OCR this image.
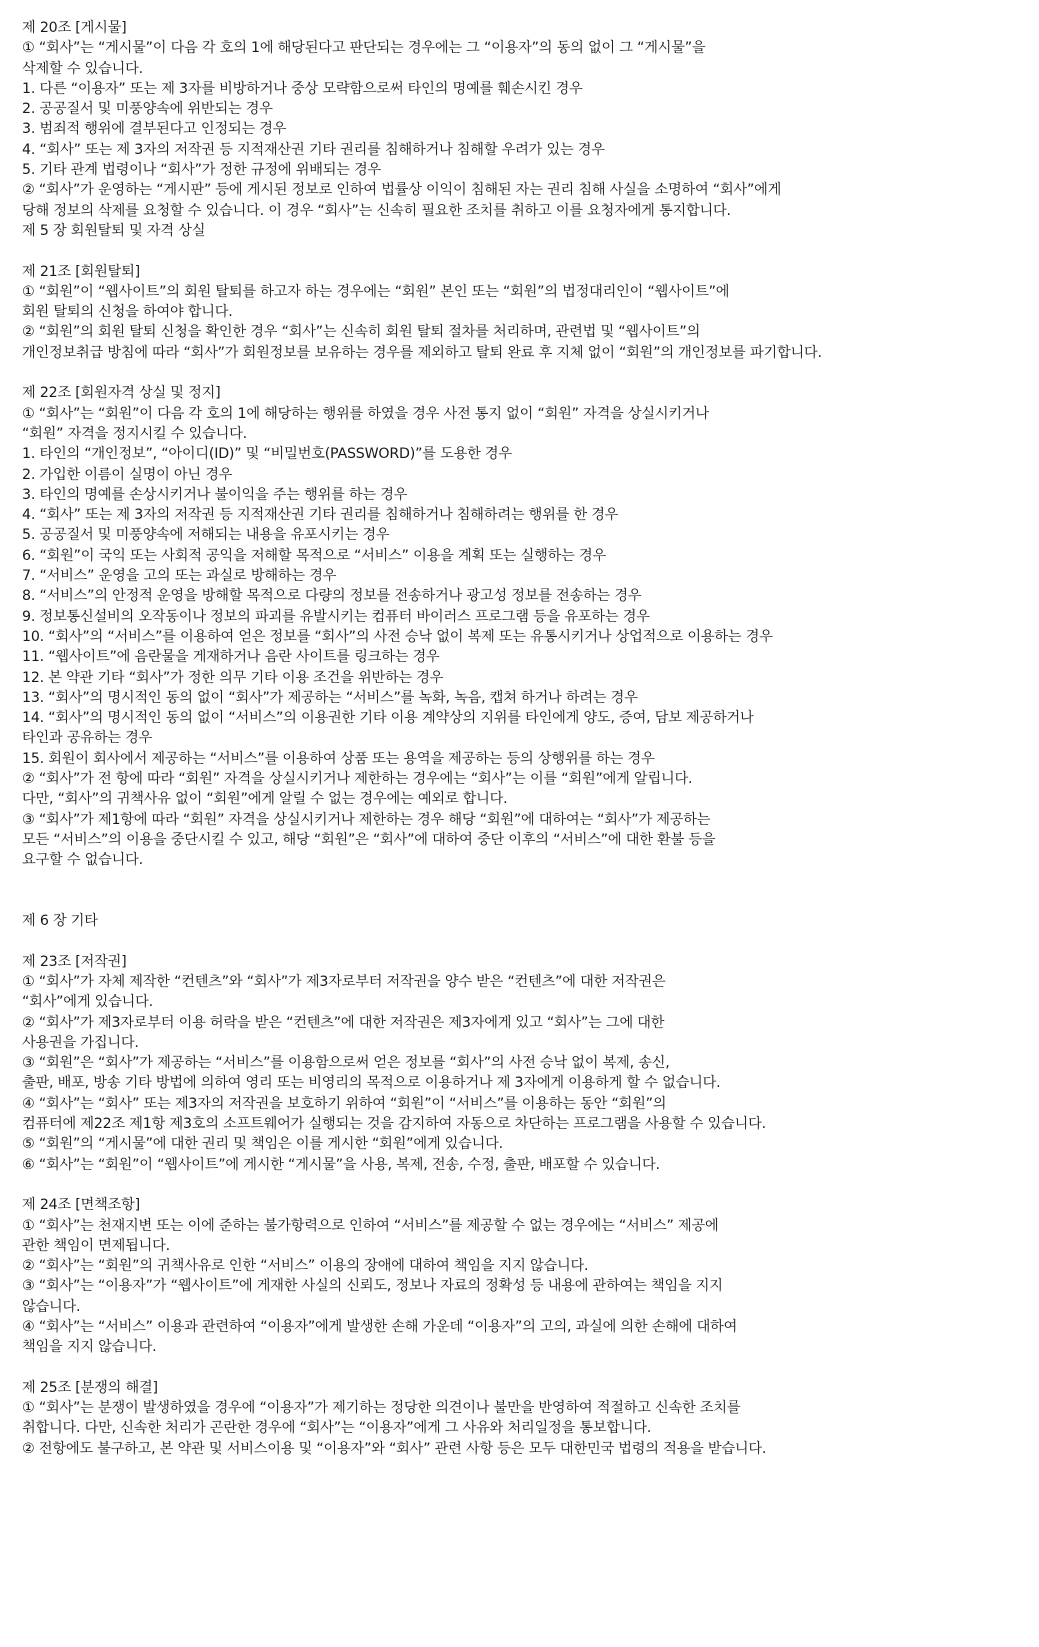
제 20조 [게시물]
① “회사”는 “게시물”이 다음 각 호의 1에 해당된다고 판단되는 경우에는 그 “이용자”의 동의 없이 그 “게시물”을
삭제할 수 있습니다.
1. 다른 “이용자” 또는 제 3자를 비방하거나 중상 모략함으로써 타인의 명예를 훼손시킨 경우
2. 공공질서 및 미풍양속에 위반되는 경우
3. 범죄적 행위에 결부된다고 인정되는 경우
4. “회사” 또는 제 3자의 저작권 등 지적재산권 기타 권리를 침해하거나 침해할 우려가 있는 경우
5. 기타 관계 법령이나 “회사”가 정한 규정에 위배되는 경우
② “회사”가 운영하는 “게시판” 등에 게시된 정보로 인하여 법률상 이익이 침해된 자는 권리 침해 사실을 소명하여 “회사”에게
당해 정보의 삭제를 요청할 수 있습니다. 이 경우 “회사”는 신속히 필요한 조치를 취하고 이를 요청자에게 통지합니다.
제 5 장 회원탈퇴 및 자격 상실
제 21조 [회원탈퇴]
① “회원”이 “웹사이트”의 회원 탈퇴를 하고자 하는 경우에는 “회원” 본인 또는 “회원”의 법정대리인이 “웹사이트”에
회원 탈퇴의 신청을 하여야 합니다.
② “회원”의 회원 탈퇴 신청을 확인한 경우 “회사”는 신속히 회원 탈퇴 절차를 처리하며, 관련법 및 “웹사이트”의
개인정보취급 방침에 따라 “회사”가 회원정보를 보유하는 경우를 제외하고 탈퇴 완료 후 지체 없이 “회원”의 개인정보를 파기합니다.
제 22조 [회원자격 상실 및 정지]
① “회사”는 “회원”이 다음 각 호의 1에 해당하는 행위를 하였을 경우 사전 통지 없이 “회원” 자격을 상실시키거나
“회원” 자격을 정지시킬 수 있습니다.
1. 타인의 “개인정보”, “아이디(ID)” 및 “비밀번호(PASSWORD)”를 도용한 경우
2. 가입한 이름이 실명이 아닌 경우
3. 타인의 명예를 손상시키거나 불이익을 주는 행위를 하는 경우
4. “회사” 또는 제 3자의 저작권 등 지적재산권 기타 권리를 침해하거나 침해하려는 행위를 한 경우
5. 공공질서 및 미풍양속에 저해되는 내용을 유포시키는 경우
6. “회원”이 국익 또는 사회적 공익을 저해할 목적으로 “서비스” 이용을 계획 또는 실행하는 경우
7. “서비스” 운영을 고의 또는 과실로 방해하는 경우
8. “서비스”의 안정적 운영을 방해할 목적으로 다량의 정보를 전송하거나 광고성 정보를 전송하는 경우
9. 정보통신설비의 오작동이나 정보의 파괴를 유발시키는 컴퓨터 바이러스 프로그램 등을 유포하는 경우
10. “회사”의 “서비스”를 이용하여 얻은 정보를 “회사”의 사전 승낙 없이 복제 또는 유통시키거나 상업적으로 이용하는 경우
11. “웹사이트”에 음란물을 게재하거나 음란 사이트를 링크하는 경우
12. 본 약관 기타 “회사”가 정한 의무 기타 이용 조건을 위반하는 경우
13. “회사”의 명시적인 동의 없이 “회사”가 제공하는 “서비스”를 녹화, 녹음, 캡쳐 하거나 하려는 경우
14. “회사”의 명시적인 동의 없이 “서비스”의 이용권한 기타 이용 계약상의 지위를 타인에게 양도, 증여, 담보 제공하거나
타인과 공유하는 경우
15. 회원이 회사에서 제공하는 “서비스”를 이용하여 상품 또는 용역을 제공하는 등의 상행위를 하는 경우
② “회사”가 전 항에 따라 “회원” 자격을 상실시키거나 제한하는 경우에는 “회사”는 이를 “회원”에게 알립니다.
다만, “회사”의 귀책사유 없이 “회원”에게 알릴 수 없는 경우에는 예외로 합니다.
③ “회사”가 제1항에 따라 “회원” 자격을 상실시키거나 제한하는 경우 해당 “회원”에 대하여는 “회사”가 제공하는
모든 “서비스”의 이용을 중단시킬 수 있고, 해당 “회원”은 “회사”에 대하여 중단 이후의 “서비스”에 대한 환불 등을
요구할 수 없습니다.
제 6 장 기타
제 23조 [저작권]
① “회사”가 자체 제작한 “컨텐츠”와 “회사”가 제3자로부터 저작권을 양수 받은 “컨텐츠”에 대한 저작권은
“회사”에게 있습니다.
② “회사”가 제3자로부터 이용 허락을 받은 “컨텐츠”에 대한 저작권은 제3자에게 있고 “회사”는 그에 대한
사용권을 가집니다.
③ “회원”은 “회사”가 제공하는 “서비스”를 이용함으로써 얻은 정보를 “회사”의 사전 승낙 없이 복제, 송신,
출판, 배포, 방송 기타 방법에 의하여 영리 또는 비영리의 목적으로 이용하거나 제 3자에게 이용하게 할 수 없습니다.
④ “회사”는 “회사” 또는 제3자의 저작권을 보호하기 위하여 “회원”이 “서비스”를 이용하는 동안 “회원”의
컴퓨터에 제22조 제1항 제3호의 소프트웨어가 실행되는 것을 감지하여 자동으로 차단하는 프로그램을 사용할 수 있습니다.
⑤ “회원”의 “게시물”에 대한 권리 및 책임은 이를 게시한 “회원”에게 있습니다.
⑥ “회사”는 “회원”이 “웹사이트”에 게시한 “게시물”을 사용, 복제, 전송, 수정, 출판, 배포할 수 있습니다.
제 24조 [면책조항]
① “회사”는 천재지변 또는 이에 준하는 불가항력으로 인하여 “서비스”를 제공할 수 없는 경우에는 “서비스” 제공에
관한 책임이 면제됩니다.
② “회사”는 “회원”의 귀책사유로 인한 “서비스” 이용의 장애에 대하여 책임을 지지 않습니다.
③ “회사”는 “이용자”가 “웹사이트”에 게재한 사실의 신뢰도, 정보나 자료의 정확성 등 내용에 관하여는 책임을 지지
않습니다.
④ “회사”는 “서비스” 이용과 관련하여 “이용자”에게 발생한 손해 가운데 “이용자”의 고의, 과실에 의한 손해에 대하여
책임을 지지 않습니다.
제 25조 [분쟁의 해결]
① “회사”는 분쟁이 발생하였을 경우에 “이용자”가 제기하는 정당한 의견이나 불만을 반영하여 적절하고 신속한 조치를
취합니다. 다만, 신속한 처리가 곤란한 경우에 “회사”는 “이용자”에게 그 사유와 처리일정을 통보합니다.
② 전항에도 불구하고, 본 약관 및 서비스이용 및 “이용자”와 “회사” 관련 사항 등은 모두 대한민국 법령의 적용을 받습니다.
